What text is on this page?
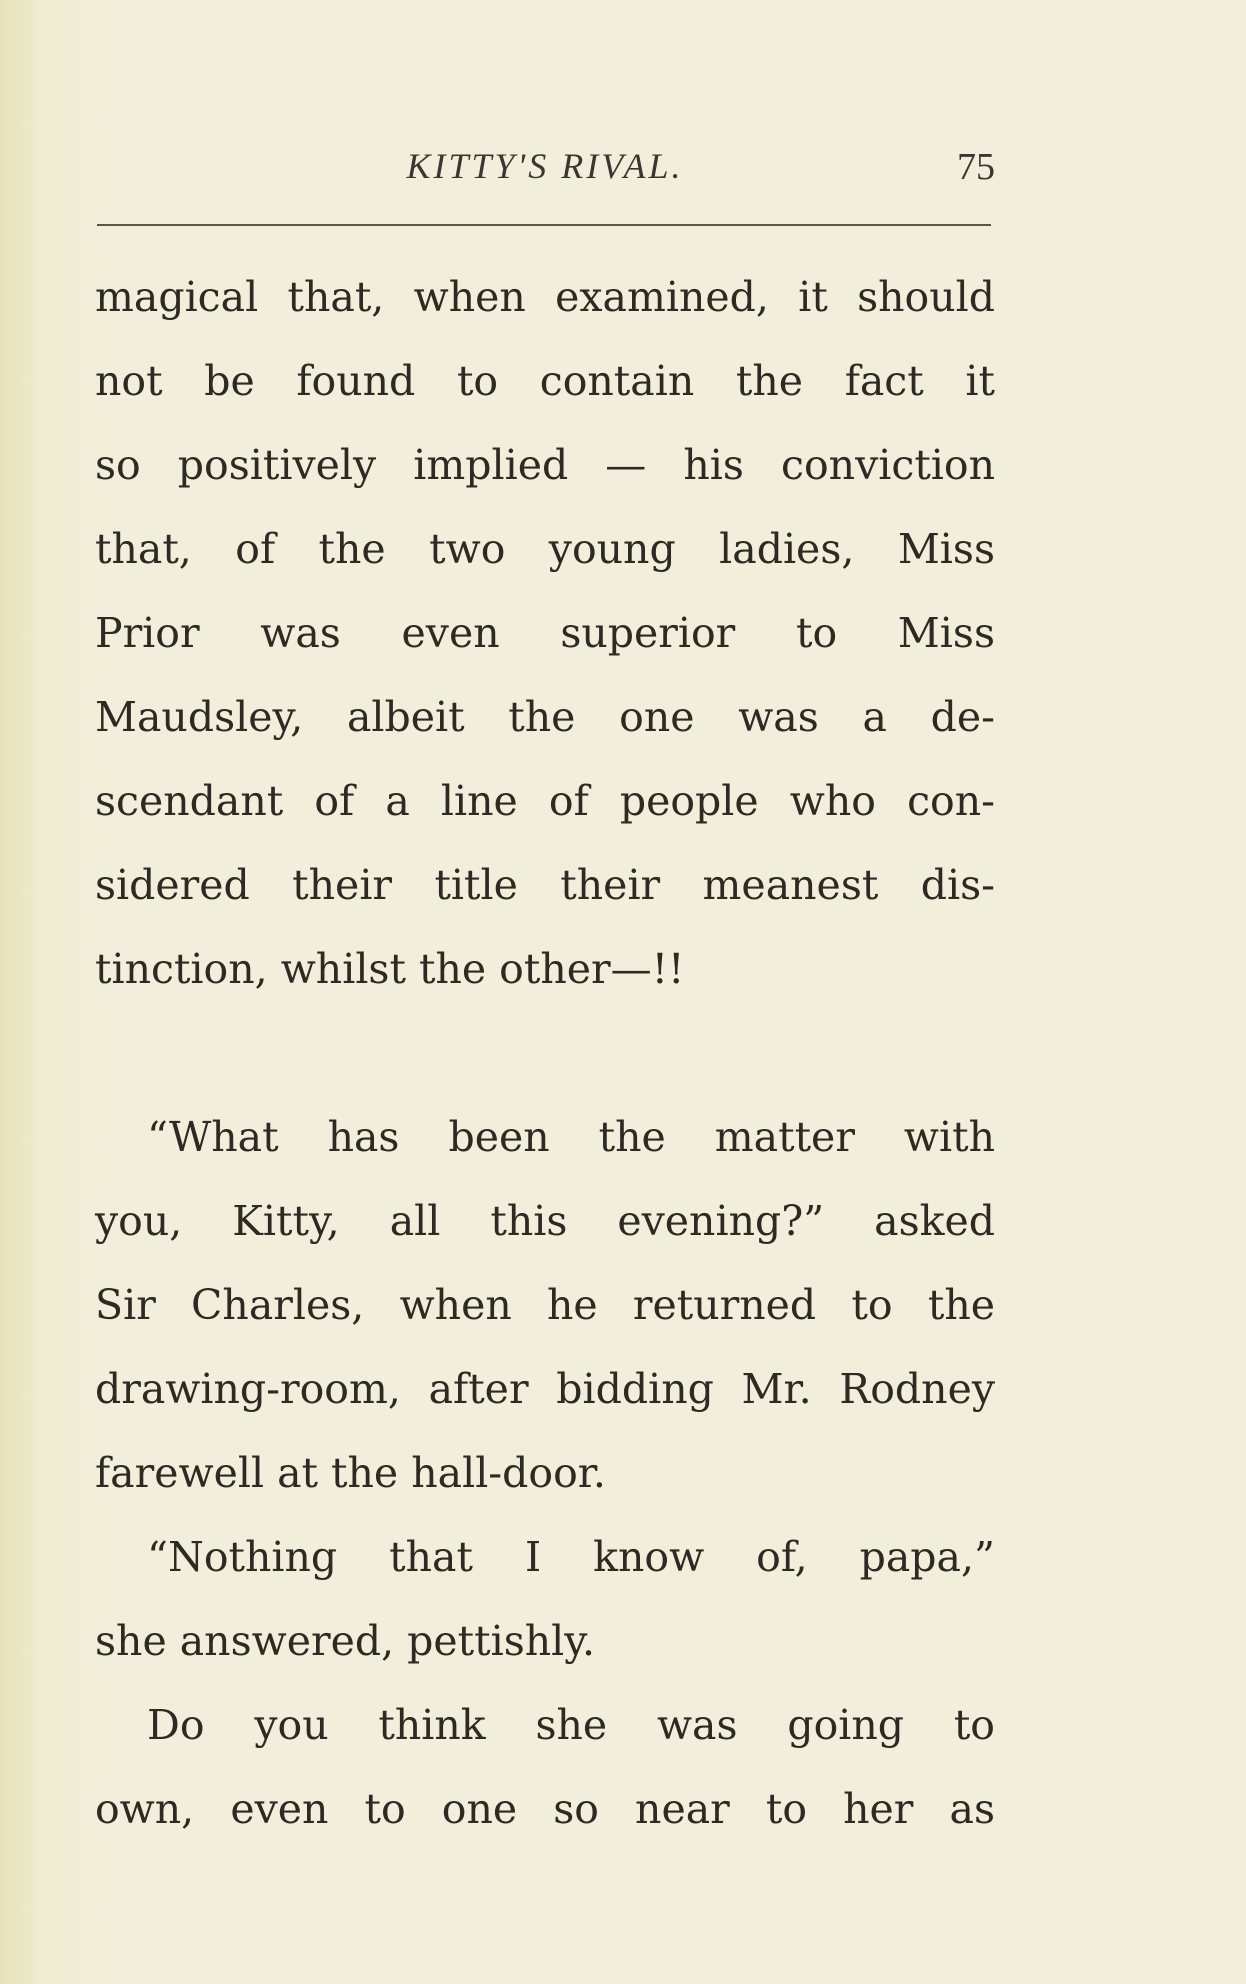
KITTY'S RIVAL.	75
magical that, when examined, it should
not be found to contain the fact it
so positively implied — his conviction
that, of the two young ladies, Miss
Prior was even superior to Miss
Maudsley, albeit the one was a de-
scendant of a line of people who con-
sidered their title their meanest dis-
tinction, whilst the other—!!
“What has been the matter with
you, Kitty, all this evening?” asked
Sir Charles, when he returned to the
drawing-room, after bidding Mr. Rodney
farewell at the hall-door.
“Nothing that I know of, papa,”
she answered, pettishly.
Do you think she was going to
own, even to one so near to her as
